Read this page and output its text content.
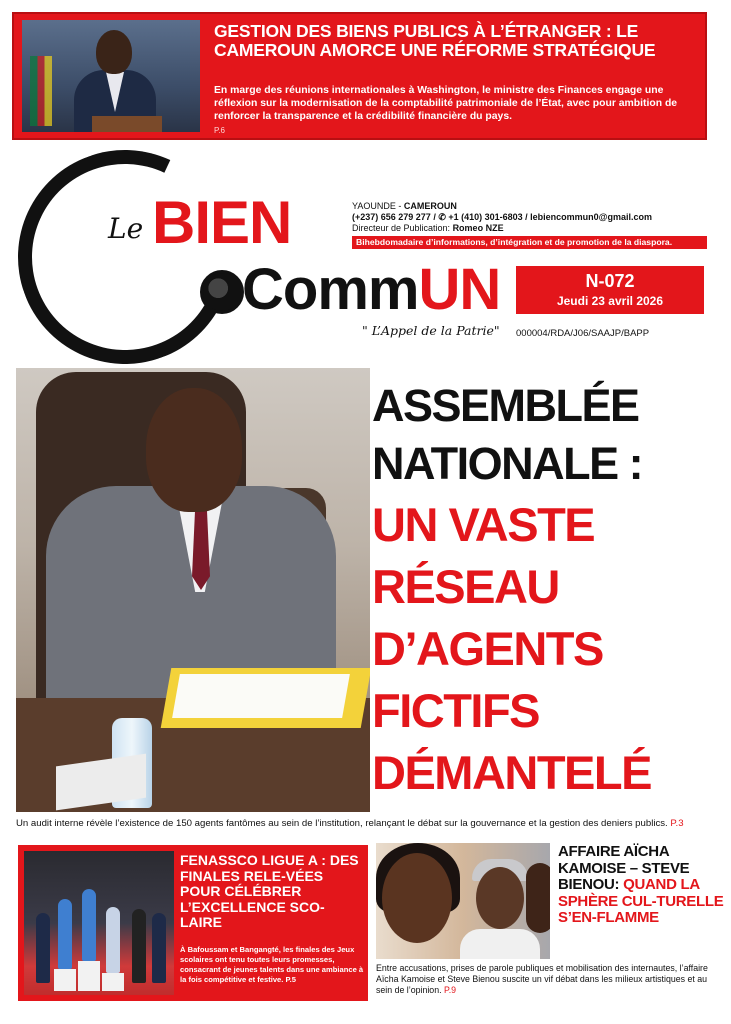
GESTION DES BIENS PUBLICS À L’ÉTRANGER : LE CAMEROUN AMORCE UNE RÉFORME STRATÉGIQUE
En marge des réunions internationales à Washington, le ministre des Finances engage une réflexion sur la modernisation de la comptabilité patrimoniale de l’État, avec pour ambition de renforcer la transparence et la crédibilité financière du pays.
P.6
Le BIEN
CommUN
" L’Appel de la Patrie"
YAOUNDE - CAMEROUN
(+237) 656 279 277 / ✆ +1 (410) 301-6803 / lebiencommun0@gmail.com
Directeur de Publication: Romeo NZE
Bihebdomadaire d’informations, d’intégration et de promotion de la diaspora.
N-072
Jeudi 23 avril 2026
000004/RDA/J06/SAAJP/BAPP
ASSEMBLÉE
NATIONALE :
UN VASTE
RÉSEAU
D’AGENTS
FICTIFS
DÉMANTELÉ
Un audit interne révèle l’existence de 150 agents fantômes au sein de l’institution, relançant le débat sur la gouvernance et la gestion des deniers publics. P.3
FENASSCO LIGUE A : DES FINALES RELE-VÉES POUR CÉLÉBRER L’EXCELLENCE SCO-LAIRE
À Bafoussam et Bangangté, les finales des Jeux scolaires ont tenu toutes leurs promesses, consacrant de jeunes talents dans une ambiance à la fois compétitive et festive. P.5
AFFAIRE AÏCHA KAMOISE – STEVE BIENOU: QUAND LA SPHÈRE CUL-TURELLE S’EN-FLAMME
Entre accusations, prises de parole publiques et mobilisation des internautes, l’affaire Aïcha Kamoise et Steve Bienou suscite un vif débat dans les milieux artistiques et au sein de l’opinion. P.9
